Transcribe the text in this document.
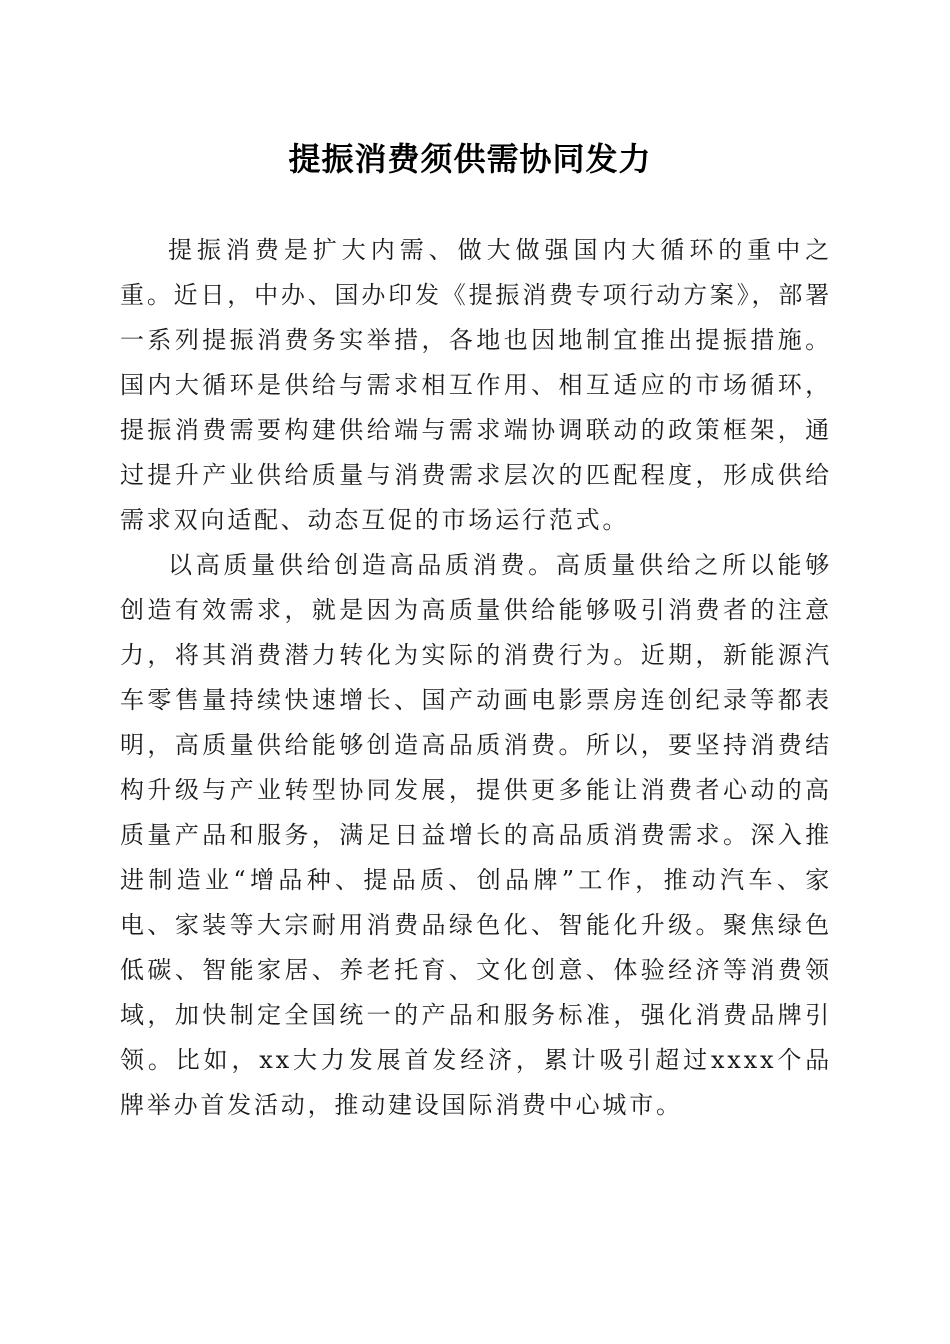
提振消费须供需协同发力

提振消费是扩大内需、做大做强国内大循环的重中之重。近日，中办、国办印发《提振消费专项行动方案》，部署一系列提振消费务实举措，各地也因地制宜推出提振措施。国内大循环是供给与需求相互作用、相互适应的市场循环，提振消费需要构建供给端与需求端协调联动的政策框架，通过提升产业供给质量与消费需求层次的匹配程度，形成供给需求双向适配、动态互促的市场运行范式。

以高质量供给创造高品质消费。高质量供给之所以能够创造有效需求，就是因为高质量供给能够吸引消费者的注意力，将其消费潜力转化为实际的消费行为。近期，新能源汽车零售量持续快速增长、国产动画电影票房连创纪录等都表明，高质量供给能够创造高品质消费。所以，要坚持消费结构升级与产业转型协同发展，提供更多能让消费者心动的高质量产品和服务，满足日益增长的高品质消费需求。深入推进制造业“增品种、提品质、创品牌”工作，推动汽车、家电、家装等大宗耐用消费品绿色化、智能化升级。聚焦绿色低碳、智能家居、养老托育、文化创意、体验经济等消费领域，加快制定全国统一的产品和服务标准，强化消费品牌引领。比如，xx大力发展首发经济，累计吸引超过xxxx个品牌举办首发活动，推动建设国际消费中心城市。
